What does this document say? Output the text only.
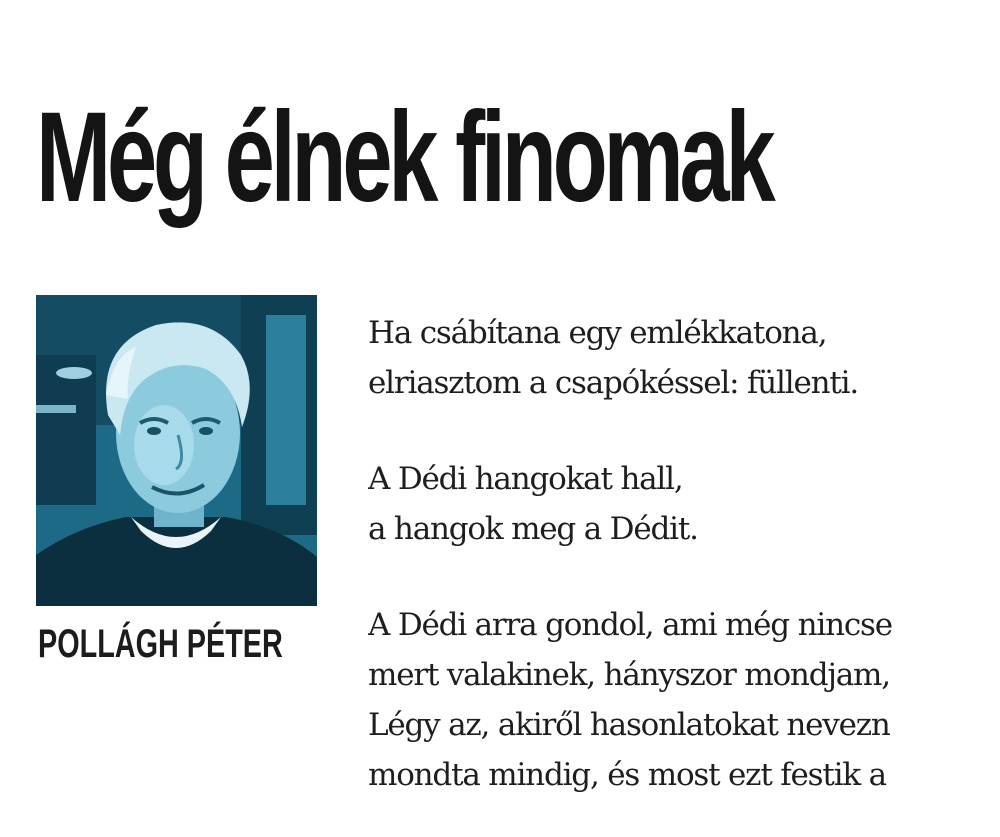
Még élnek finomak
POLLÁGH PÉTER

Ha csábítana egy emlékkatona,
elriasztom a csapókéssel: füllenti.

A Dédi hangokat hall,
a hangok meg a Dédit.

A Dédi arra gondol, ami még nincse
mert valakinek, hányszor mondjam,
Légy az, akiről hasonlatokat nevezn
mondta mindig, és most ezt festik a
